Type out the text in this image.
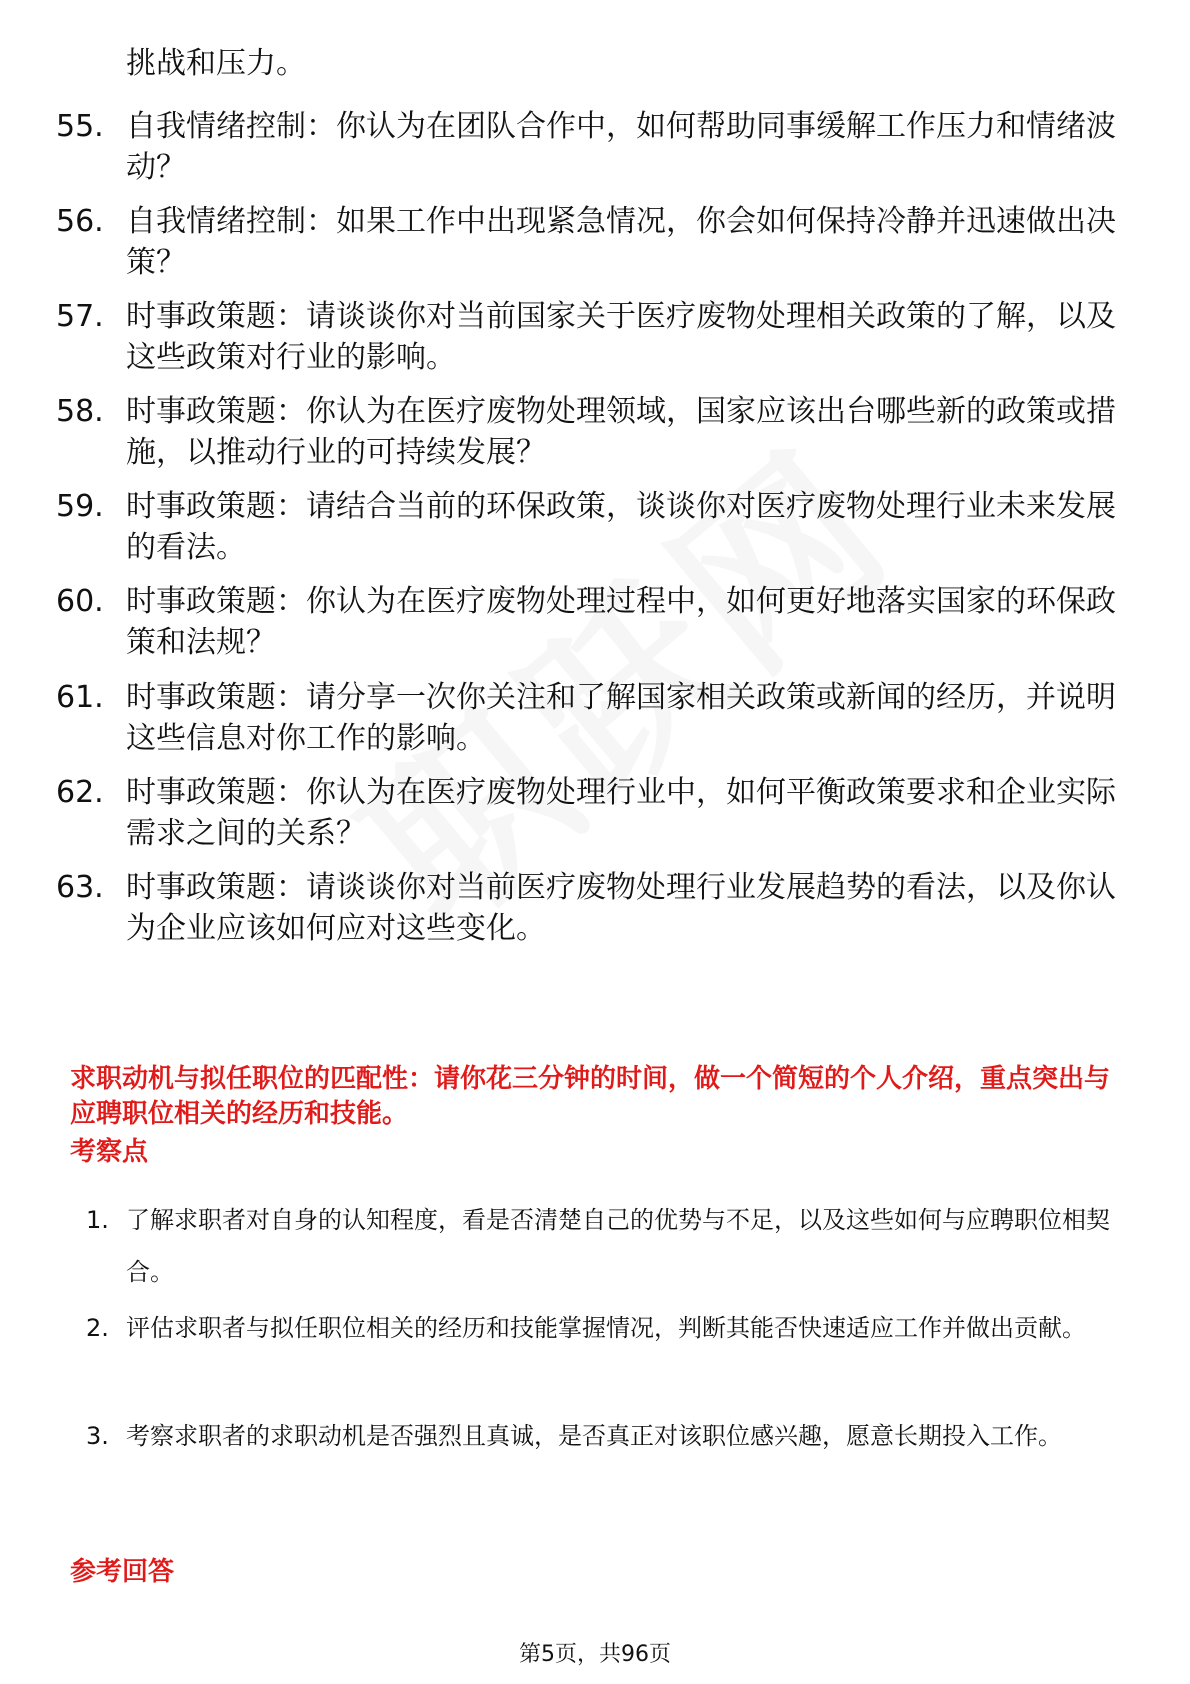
挑战和压力。
55. 自我情绪控制：你认为在团队合作中，如何帮助同事缓解工作压力和情绪波动？
56. 自我情绪控制：如果工作中出现紧急情况，你会如何保持冷静并迅速做出决策？
57. 时事政策题：请谈谈你对当前国家关于医疗废物处理相关政策的了解，以及这些政策对行业的影响。
58. 时事政策题：你认为在医疗废物处理领域，国家应该出台哪些新的政策或措施，以推动行业的可持续发展？
59. 时事政策题：请结合当前的环保政策，谈谈你对医疗废物处理行业未来发展的看法。
60. 时事政策题：你认为在医疗废物处理过程中，如何更好地落实国家的环保政策和法规？
61. 时事政策题：请分享一次你关注和了解国家相关政策或新闻的经历，并说明这些信息对你工作的影响。
62. 时事政策题：你认为在医疗废物处理行业中，如何平衡政策要求和企业实际需求之间的关系？
63. 时事政策题：请谈谈你对当前医疗废物处理行业发展趋势的看法，以及你认为企业应该如何应对这些变化。
求职动机与拟任职位的匹配性：请你花三分钟的时间，做一个简短的个人介绍，重点突出与应聘职位相关的经历和技能。
考察点
1. 了解求职者对自身的认知程度，看是否清楚自己的优势与不足，以及这些如何与应聘职位相契合。
2. 评估求职者与拟任职位相关的经历和技能掌握情况，判断其能否快速适应工作并做出贡献。
3. 考察求职者的求职动机是否强烈且真诚，是否真正对该职位感兴趣，愿意长期投入工作。
参考回答
第5页，共96页
